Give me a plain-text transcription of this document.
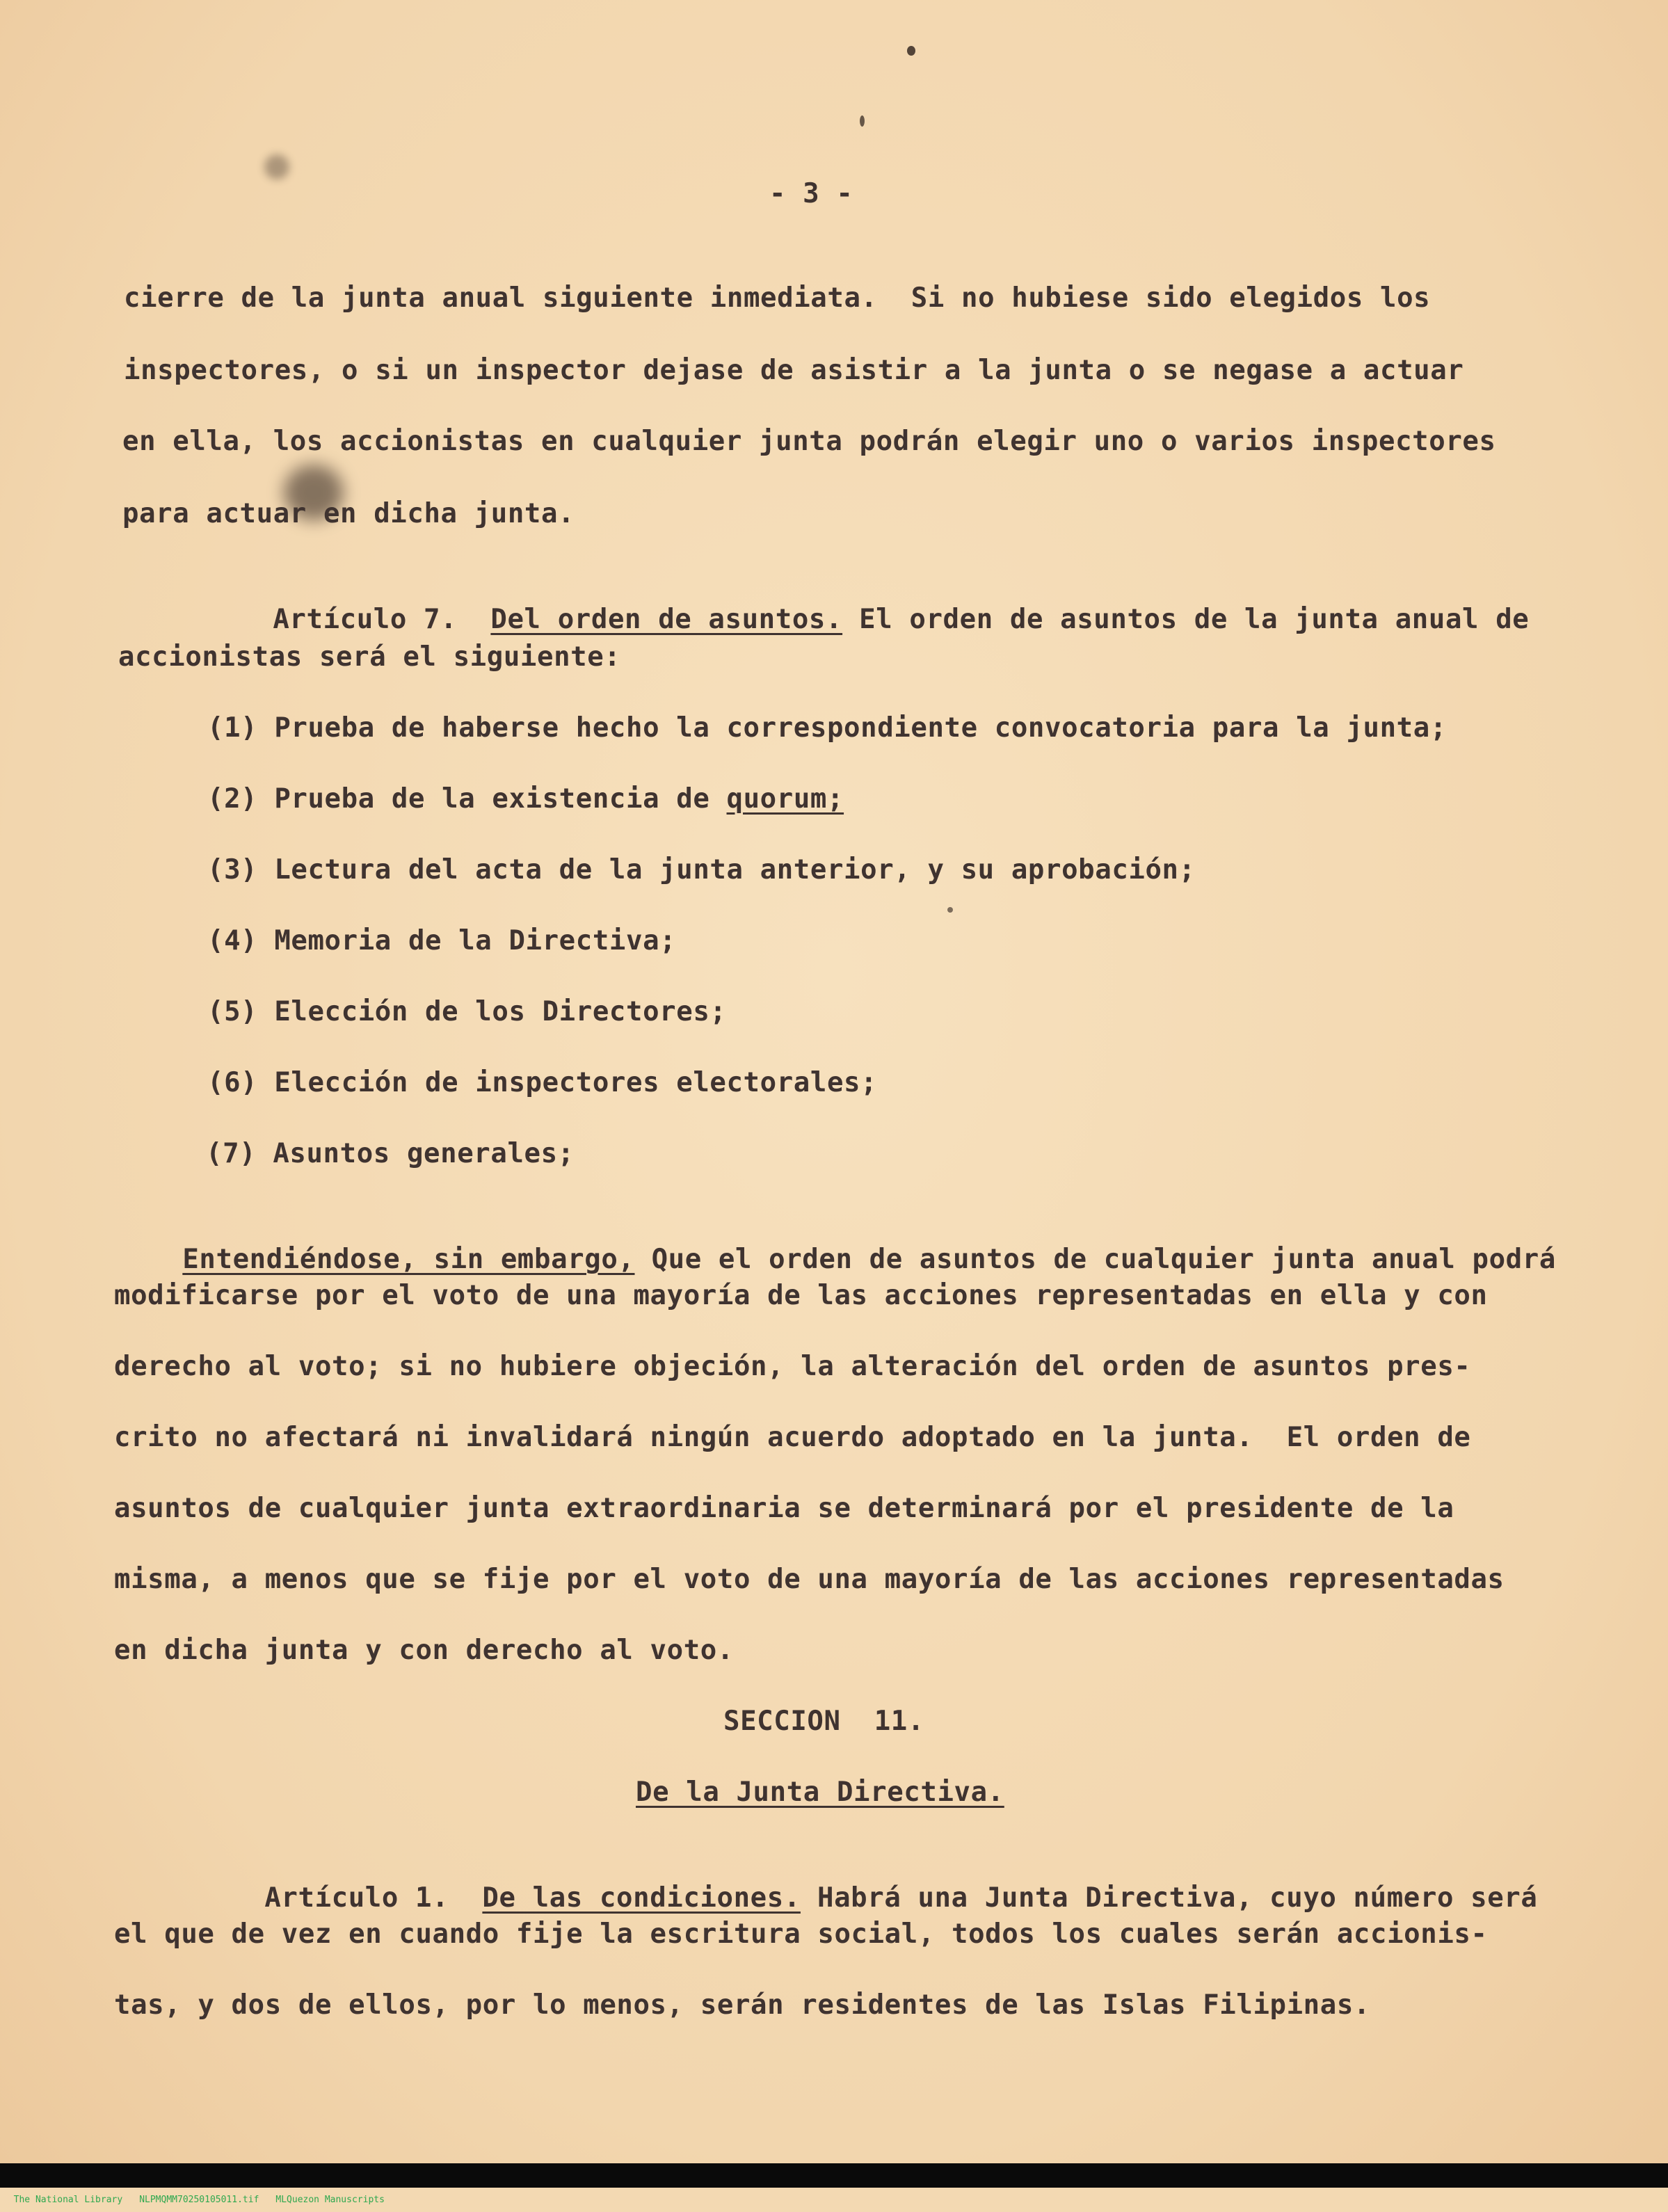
- 3 -
cierre de la junta anual siguiente inmediata.  Si no hubiese sido elegidos los
inspectores, o si un inspector dejase de asistir a la junta o se negase a actuar
en ella, los accionistas en cualquier junta podrán elegir uno o varios inspectores
para actuar en dicha junta.

Artículo 7. Del orden de asuntos. El orden de asuntos de la junta anual de

accionistas será el siguiente:
(1) Prueba de haberse hecho la correspondiente convocatoria para la junta;
(2) Prueba de la existencia de quorum;
(3) Lectura del acta de la junta anterior, y su aprobación;
(4) Memoria de la Directiva;
(5) Elección de los Directores;
(6) Elección de inspectores electorales;
(7) Asuntos generales;

Entendiéndose, sin embargo, Que el orden de asuntos de cualquier junta anual podrá

modificarse por el voto de una mayoría de las acciones representadas en ella y con
derecho al voto; si no hubiere objeción, la alteración del orden de asuntos pres-
crito no afectará ni invalidará ningún acuerdo adoptado en la junta.  El orden de
asuntos de cualquier junta extraordinaria se determinará por el presidente de la
misma, a menos que se fije por el voto de una mayoría de las acciones representadas
en dicha junta y con derecho al voto.
SECCION  11.
De la Junta Directiva.

Artículo 1. De las condiciones. Habrá una Junta Directiva, cuyo número será

el que de vez en cuando fije la escritura social, todos los cuales serán accionis-
tas, y dos de ellos, por lo menos, serán residentes de las Islas Filipinas.

The National Library NLPMQMM70250105011.tif MLQuezon Manuscripts
